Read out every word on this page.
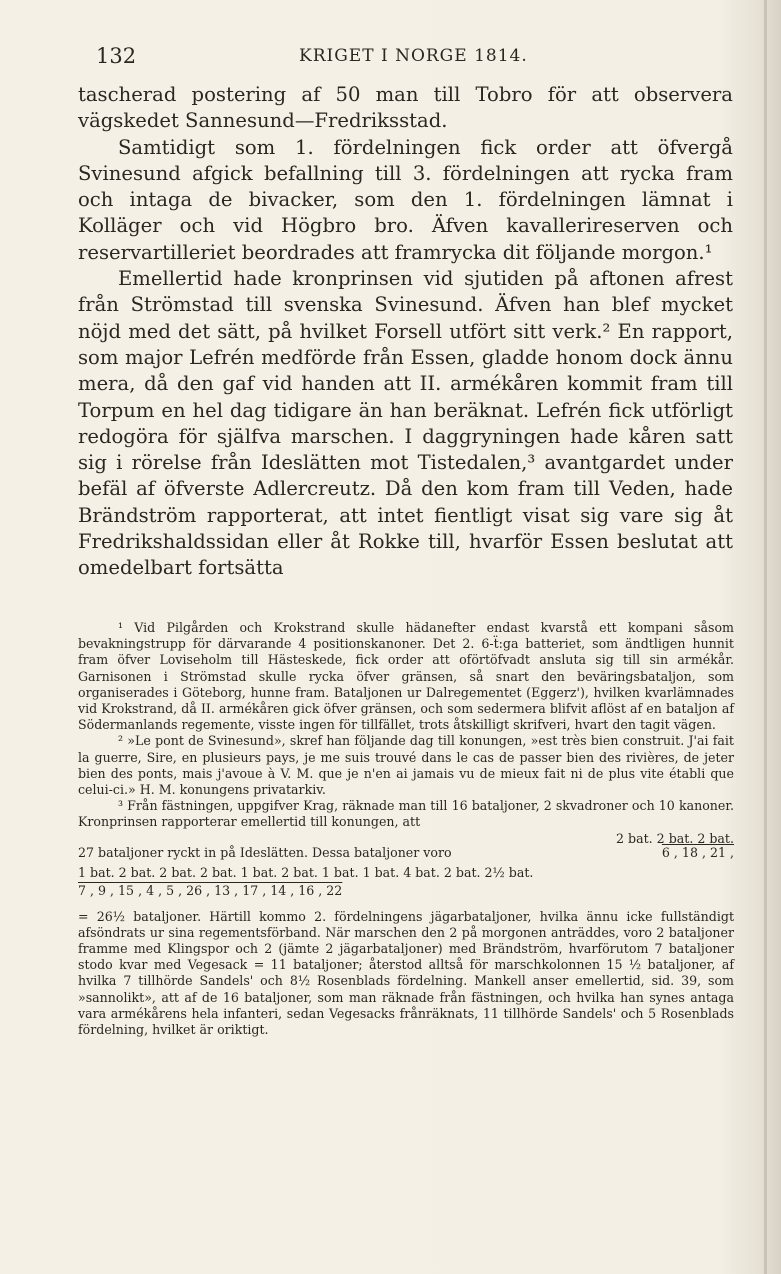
132	KRIGET I NORGE 1814.

tascherad postering af 50 man till Tobro för att observera vägskedet Sannesund—Fredriksstad.

Samtidigt som 1. fördelningen fick order att öfvergå Svinesund afgick befallning till 3. fördelningen att rycka fram och intaga de bivacker, som den 1. fördelningen lämnat i Kolläger och vid Högbro bro. Äfven kavallerireserven och reservartilleriet beordrades att framrycka dit följande morgon.¹

Emellertid hade kronprinsen vid sjutiden på aftonen afrest från Strömstad till svenska Svinesund. Äfven han blef mycket nöjd med det sätt, på hvilket Forsell utfört sitt verk.² En rapport, som major Lefrén medförde från Essen, gladde honom dock ännu mera, då den gaf vid handen att II. armékåren kommit fram till Torpum en hel dag tidigare än han beräknat. Lefrén fick utförligt redogöra för själfva marschen. I daggryningen hade kåren satt sig i rörelse från Ideslätten mot Tistedalen,³ avantgardet under befäl af öfverste Adlercreutz. Då den kom fram till Veden, hade Brändström rapporterat, att intet fientligt visat sig vare sig åt Fredrikshaldssidan eller åt Rokke till, hvarför Essen beslutat att omedelbart fortsätta

¹ Vid Pilgården och Krokstrand skulle hädanefter endast kvarstå ett kompani såsom bevakningstrupp för därvarande 4 positionskanoner. Det 2. 6-ẗ:ga batteriet, som ändtligen hunnit fram öfver Loviseholm till Hästeskede, fick order att oförtöfvadt ansluta sig till sin armékår. Garnisonen i Strömstad skulle rycka öfver gränsen, så snart den beväringsbataljon, som organiserades i Göteborg, hunne fram. Bataljonen ur Dalregementet (Eggerz'), hvilken kvarlämnades vid Krokstrand, då II. armékåren gick öfver gränsen, och som sedermera blifvit aflöst af en bataljon af Södermanlands regemente, visste ingen för tillfället, trots åtskilligt skrifveri, hvart den tagit vägen.

² »Le pont de Svinesund», skref han följande dag till konungen, »est très bien construit. J'ai fait la guerre, Sire, en plusieurs pays, je me suis trouvé dans le cas de passer bien des rivières, de jeter bien des ponts, mais j'avoue à V. M. que je n'en ai jamais vu de mieux fait ni de plus vite établi que celui-ci.» H. M. konungens privatarkiv.

³ Från fästningen, uppgifver Krag, räknade man till 16 bataljoner, 2 skvadroner och 10 kanoner. Kronprinsen rapporterar emellertid till konungen, att

2 bat. 2 bat. 2 bat.
27 bataljoner ryckt in på Ideslätten. Dessa bataljoner voro	6 , 18 , 21 ,
1 bat. 2 bat. 2 bat. 2 bat. 1 bat. 2 bat. 1 bat. 1 bat. 4 bat. 2 bat. 2½ bat.
7 , 9 , 15 , 4 , 5 , 26 , 13 , 17 , 14 , 16 , 22

= 26½ bataljoner. Härtill kommo 2. fördelningens jägarbataljoner, hvilka ännu icke fullständigt afsöndrats ur sina regementsförband. När marschen den 2 på morgonen anträddes, voro 2 bataljoner framme med Klingspor och 2 (jämte 2 jägarbataljoner) med Brändström, hvarförutom 7 bataljoner stodo kvar med Vegesack = 11 bataljoner; återstod alltså för marschkolonnen 15 ½ bataljoner, af hvilka 7 tillhörde Sandels' och 8½ Rosenblads fördelning. Mankell anser emellertid, sid. 39, som »sannolikt», att af de 16 bataljoner, som man räknade från fästningen, och hvilka han synes antaga vara armékårens hela infanteri, sedan Vegesacks frånräknats, 11 tillhörde Sandels' och 5 Rosenblads fördelning, hvilket är oriktigt.
